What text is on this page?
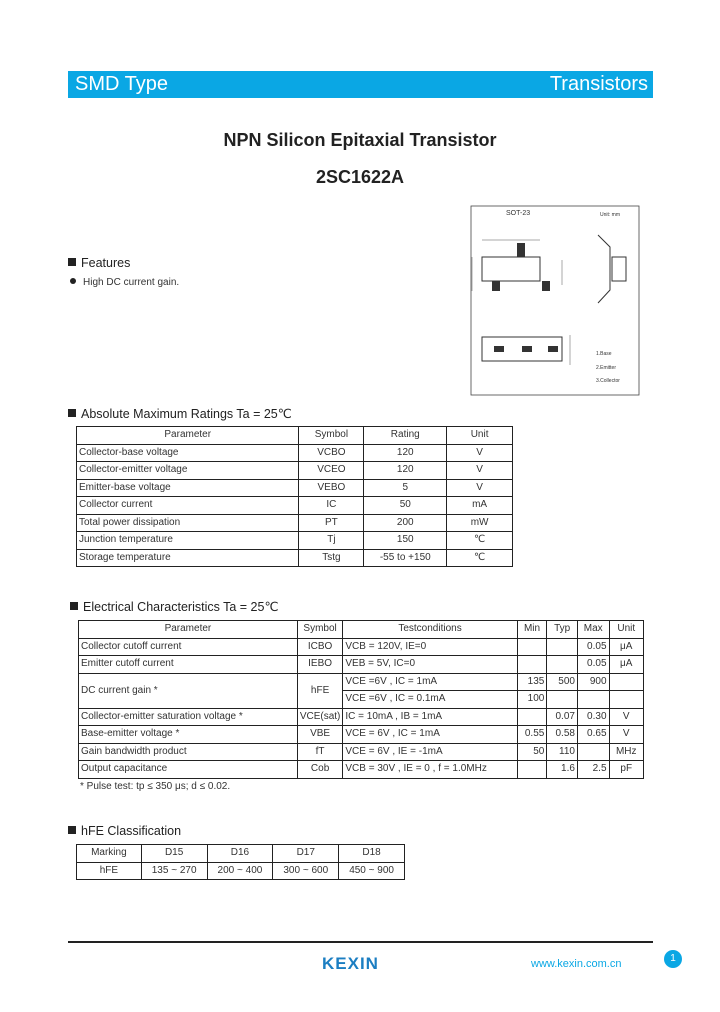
SMD Type	Transistors
NPN Silicon Epitaxial Transistor
2SC1622A
SOT-23	Unit: mm
1.Base
2.Emitter
3.Collector
Features
High DC current gain.
Absolute Maximum Ratings Ta = 25℃
Parameter	Symbol	Rating	Unit
Collector-base voltage	VCBO	120	V
Collector-emitter voltage	VCEO	120	V
Emitter-base voltage	VEBO	5	V
Collector current	IC	50	mA
Total power dissipation	PT	200	mW
Junction temperature	Tj	150	℃
Storage temperature	Tstg	-55 to +150	℃
Electrical Characteristics Ta = 25℃
Parameter	Symbol	Testconditions	Min	Typ	Max	Unit
Collector cutoff current	ICBO	VCB = 120V, IE=0			0.05	μA
Emitter cutoff current	IEBO	VEB = 5V, IC=0			0.05	μA
DC current gain *	hFE	VCE =6V , IC = 1mA	135	500	900	
		VCE =6V , IC = 0.1mA	100			
Collector-emitter saturation voltage *	VCE(sat)	IC = 10mA , IB = 1mA		0.07	0.30	V
Base-emitter voltage *	VBE	VCE = 6V , IC = 1mA	0.55	0.58	0.65	V
Gain bandwidth product	fT	VCE = 6V , IE = -1mA	50	110		MHz
Output capacitance	Cob	VCB = 30V , IE = 0 , f = 1.0MHz		1.6	2.5	pF
* Pulse test: tp ≤ 350 μs; d ≤ 0.02.
hFE Classification
Marking	D15	D16	D17	D18
hFE	135 ~ 270	200 ~ 400	300 ~ 600	450 ~ 900
KEXIN	www.kexin.com.cn	1
